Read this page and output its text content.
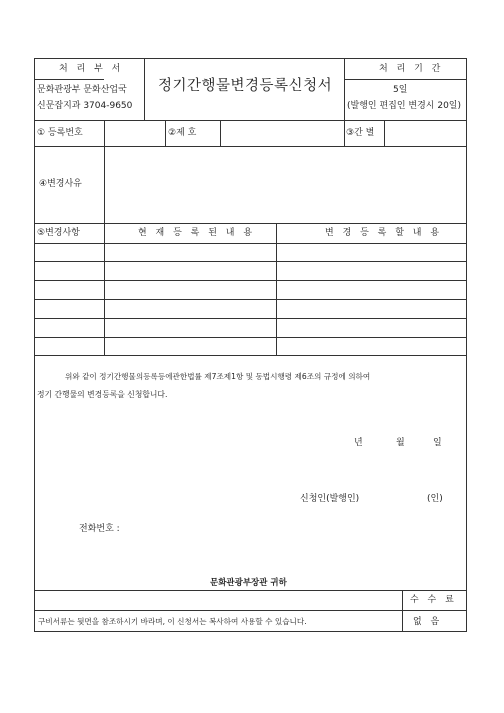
처 리 부 서
문화관광부 문화산업국
신문잡지과 3704-9650
정기간행물변경등록신청서
처 리 기 간
5일
(발행인 편집인 변경시 20일)
① 등록번호	②제 호	③간 별
④변경사유
⑤변경사항	현 재 등 록 된 내 용	변 경 등 록 할 내 용
위와 같이 정기간행물의등록등에관한법률 제7조제1항 및 동법시행령 제6조의 규정에 의하여
정기 간행물의 변경등록을 신청합니다.
년	월	일
신청인(발행인)	(인)
전화번호 :
문화관광부장관 귀하
수 수 료
구비서류는 뒷면을 참조하시기 바라며, 이 신청서는 복사하여 사용할 수 있습니다.	없 음
